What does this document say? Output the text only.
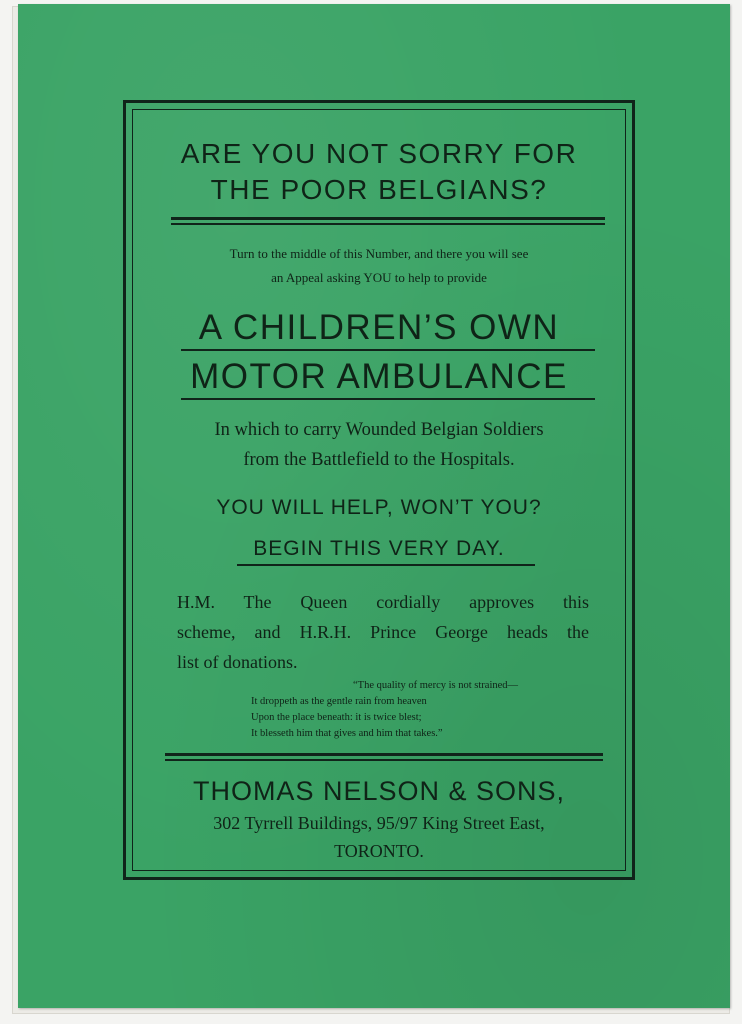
ARE YOU NOT SORRY FOR
THE POOR BELGIANS?
Turn to the middle of this Number, and there you will see
an Appeal asking YOU to help to provide
A CHILDREN’S OWN
MOTOR AMBULANCE
In which to carry Wounded Belgian Soldiers
from the Battlefield to the Hospitals.
YOU WILL HELP, WON’T YOU?
BEGIN THIS VERY DAY.
H.M. The Queen cordially approves this
scheme, and H.R.H. Prince George heads the
list of donations.
“The quality of mercy is not strained—
It droppeth as the gentle rain from heaven
Upon the place beneath: it is twice blest;
It blesseth him that gives and him that takes.”
THOMAS NELSON & SONS,
302 Tyrrell Buildings, 95/97 King Street East,
TORONTO.
